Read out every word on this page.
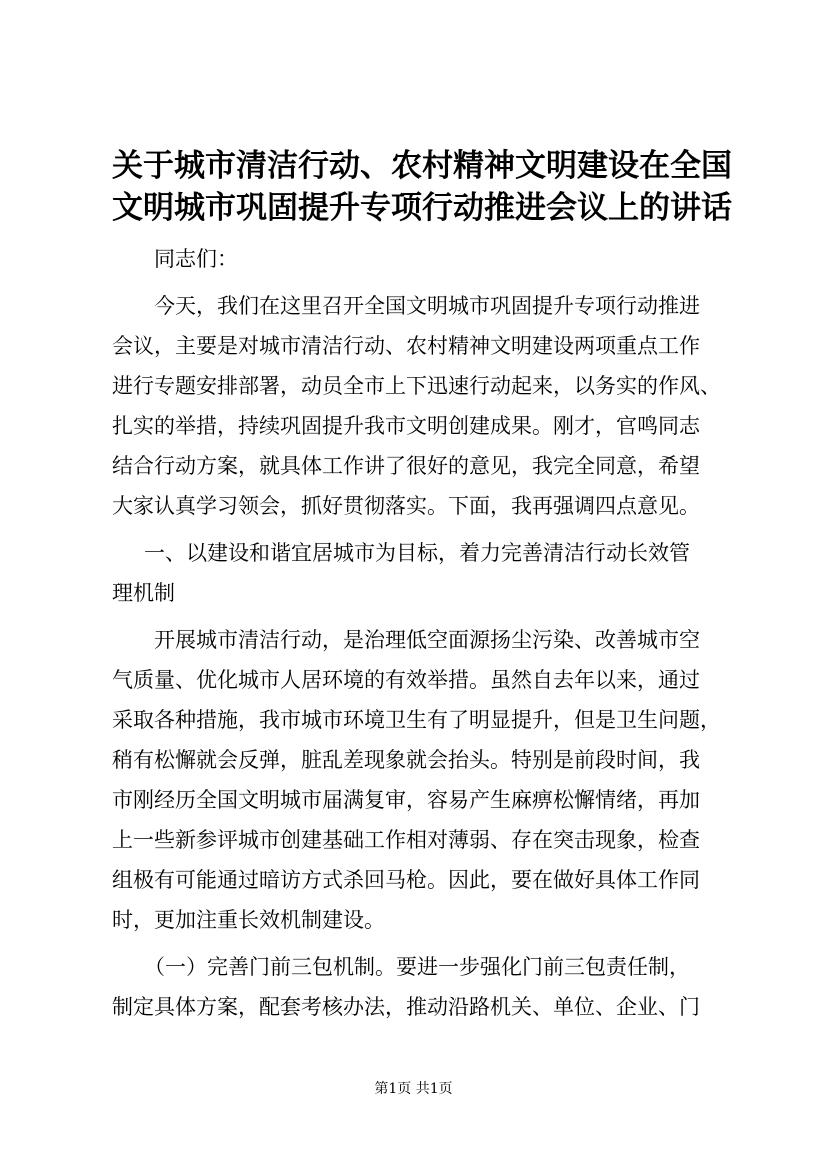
关于城市清洁行动、农村精神文明建设在全国
文明城市巩固提升专项行动推进会议上的讲话
同志们：
今天，我们在这里召开全国文明城市巩固提升专项行动推进
会议，主要是对城市清洁行动、农村精神文明建设两项重点工作
进行专题安排部署，动员全市上下迅速行动起来，以务实的作风、
扎实的举措，持续巩固提升我市文明创建成果。刚才，官鸣同志
结合行动方案，就具体工作讲了很好的意见，我完全同意，希望
大家认真学习领会，抓好贯彻落实。下面，我再强调四点意见。
一、以建设和谐宜居城市为目标，着力完善清洁行动长效管
理机制
开展城市清洁行动，是治理低空面源扬尘污染、改善城市空
气质量、优化城市人居环境的有效举措。虽然自去年以来，通过
采取各种措施，我市城市环境卫生有了明显提升，但是卫生问题，
稍有松懈就会反弹，脏乱差现象就会抬头。特别是前段时间，我
市刚经历全国文明城市届满复审，容易产生麻痹松懈情绪，再加
上一些新参评城市创建基础工作相对薄弱、存在突击现象，检查
组极有可能通过暗访方式杀回马枪。因此，要在做好具体工作同
时，更加注重长效机制建设。
（一）完善门前三包机制。要进一步强化门前三包责任制，
制定具体方案，配套考核办法，推动沿路机关、单位、企业、门
第1页 共1页
